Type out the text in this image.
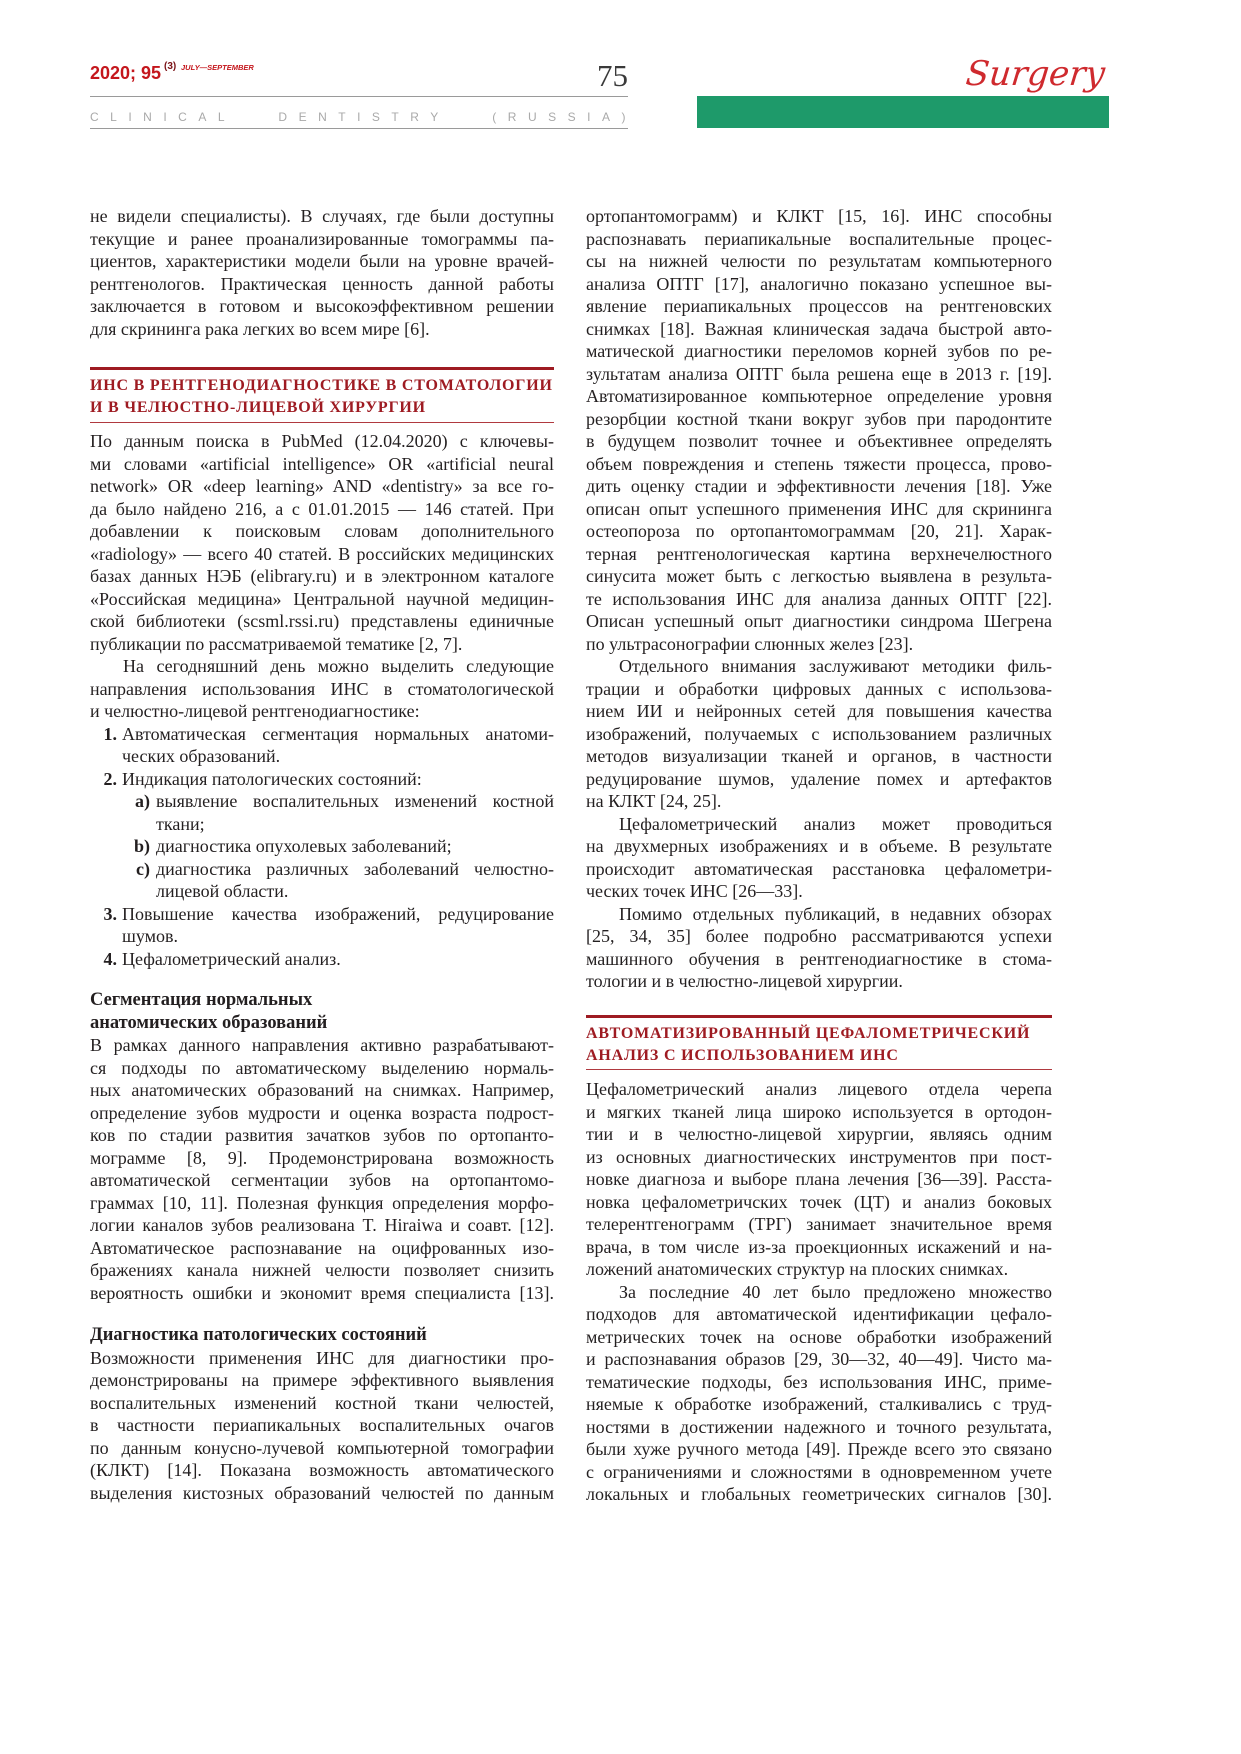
2020; 95 (3) JULY—SEPTEMBER	75
CLINICAL DENTISTRY (RUSSIA)
Surgery
не видели специалисты). В случаях, где были доступны
текущие и ранее проанализированные томограммы па-
циентов, характеристики модели были на уровне врачей-
рентгенологов. Практическая ценность данной работы
заключается в готовом и высокоэффективном решении
для скрининга рака легких во всем мире [6].
ИНС В РЕНТГЕНОДИАГНОСТИКЕ В СТОМАТОЛОГИИ
И В ЧЕЛЮСТНО-ЛИЦЕВОЙ ХИРУРГИИ
По данным поиска в PubMed (12.04.2020) с ключевы-
ми словами «artificial intelligence» OR «artificial neural
network» OR «deep learning» AND «dentistry» за все го-
да было найдено 216, а с 01.01.2015 — 146 статей. При
добавлении к поисковым словам дополнительного
«radiology» — всего 40 статей. В российских медицинских
базах данных НЭБ (elibrary.ru) и в электронном каталоге
«Российская медицина» Центральной научной медицин-
ской библиотеки (scsml.rssi.ru) представлены единичные
публикации по рассматриваемой тематике [2, 7].
На сегодняшний день можно выделить следующие
направления использования ИНС в стоматологической
и челюстно-лицевой рентгенодиагностике:
1. Автоматическая сегментация нормальных анатоми-
ческих образований.
2. Индикация патологических состояний:
a) выявление воспалительных изменений костной
ткани;
b) диагностика опухолевых заболеваний;
c) диагностика различных заболеваний челюстно-
лицевой области.
3. Повышение качества изображений, редуцирование
шумов.
4. Цефалометрический анализ.
Сегментация нормальных
анатомических образований
В рамках данного направления активно разрабатывают-
ся подходы по автоматическому выделению нормаль-
ных анатомических образований на снимках. Например,
определение зубов мудрости и оценка возраста подрост-
ков по стадии развития зачатков зубов по ортопанто-
мограмме [8, 9]. Продемонстрирована возможность
автоматической сегментации зубов на ортопантомо-
граммах [10, 11]. Полезная функция определения морфо-
логии каналов зубов реализована T. Hiraiwa и соавт. [12].
Автоматическое распознавание на оцифрованных изо-
бражениях канала нижней челюсти позволяет снизить
вероятность ошибки и экономит время специалиста [13].
Диагностика патологических состояний
Возможности применения ИНС для диагностики про-
демонстрированы на примере эффективного выявления
воспалительных изменений костной ткани челюстей,
в частности периапикальных воспалительных очагов
по данным конусно-лучевой компьютерной томографии
(КЛКТ) [14]. Показана возможность автоматического
выделения кистозных образований челюстей по данным
ортопантомограмм) и КЛКТ [15, 16]. ИНС способны
распознавать периапикальные воспалительные процес-
сы на нижней челюсти по результатам компьютерного
анализа ОПТГ [17], аналогично показано успешное вы-
явление периапикальных процессов на рентгеновских
снимках [18]. Важная клиническая задача быстрой авто-
матической диагностики переломов корней зубов по ре-
зультатам анализа ОПТГ была решена еще в 2013 г. [19].
Автоматизированное компьютерное определение уровня
резорбции костной ткани вокруг зубов при пародонтите
в будущем позволит точнее и объективнее определять
объем повреждения и степень тяжести процесса, прово-
дить оценку стадии и эффективности лечения [18]. Уже
описан опыт успешного применения ИНС для скрининга
остеопороза по ортопантомограммам [20, 21]. Харак-
терная рентгенологическая картина верхнечелюстного
синусита может быть с легкостью выявлена в результа-
те использования ИНС для анализа данных ОПТГ [22].
Описан успешный опыт диагностики синдрома Шегрена
по ультрасонографии слюнных желез [23].
Отдельного внимания заслуживают методики филь-
трации и обработки цифровых данных с использова-
нием ИИ и нейронных сетей для повышения качества
изображений, получаемых с использованием различных
методов визуализации тканей и органов, в частности
редуцирование шумов, удаление помех и артефактов
на КЛКТ [24, 25].
Цефалометрический анализ может проводиться
на двухмерных изображениях и в объеме. В результате
происходит автоматическая расстановка цефалометри-
ческих точек ИНС [26—33].
Помимо отдельных публикаций, в недавних обзорах
[25, 34, 35] более подробно рассматриваются успехи
машинного обучения в рентгенодиагностике в стома-
тологии и в челюстно-лицевой хирургии.
АВТОМАТИЗИРОВАННЫЙ ЦЕФАЛОМЕТРИЧЕСКИЙ
АНАЛИЗ С ИСПОЛЬЗОВАНИЕМ ИНС
Цефалометрический анализ лицевого отдела черепа
и мягких тканей лица широко используется в ортодон-
тии и в челюстно-лицевой хирургии, являясь одним
из основных диагностических инструментов при пост-
новке диагноза и выборе плана лечения [36—39]. Расста-
новка цефалометричских точек (ЦТ) и анализ боковых
телерентгенограмм (ТРГ) занимает значительное время
врача, в том числе из-за проекционных искажений и на-
ложений анатомических структур на плоских снимках.
За последние 40 лет было предложено множество
подходов для автоматической идентификации цефало-
метрических точек на основе обработки изображений
и распознавания образов [29, 30—32, 40—49]. Чисто ма-
тематические подходы, без использования ИНС, приме-
няемые к обработке изображений, сталкивались с труд-
ностями в достижении надежного и точного результата,
были хуже ручного метода [49]. Прежде всего это связано
с ограничениями и сложностями в одновременном учете
локальных и глобальных геометрических сигналов [30].
